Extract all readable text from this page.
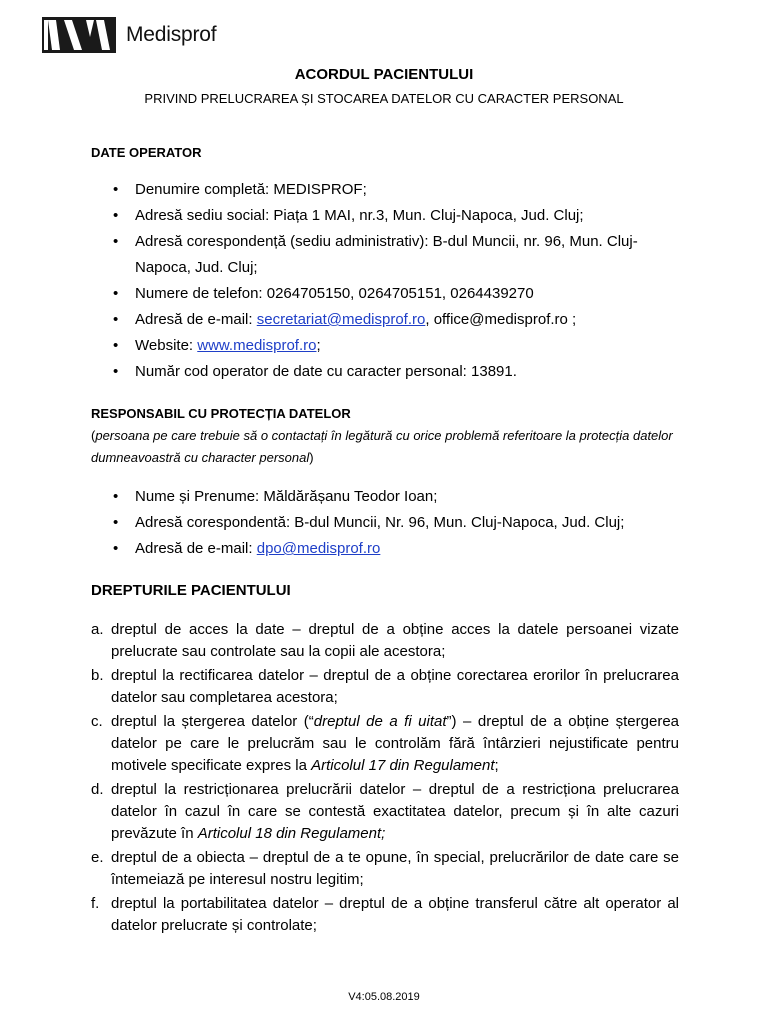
Medisprof
ACORDUL PACIENTULUI
PRIVIND PRELUCRAREA ȘI STOCAREA DATELOR CU CARACTER PERSONAL
DATE OPERATOR
• Denumire completă: MEDISPROF;
• Adresă sediu social: Piața 1 MAI, nr.3, Mun. Cluj-Napoca, Jud. Cluj;
• Adresă corespondență (sediu administrativ): B-dul Muncii, nr. 96, Mun. Cluj-Napoca, Jud. Cluj;
• Numere de telefon: 0264705150, 0264705151, 0264439270
• Adresă de e-mail: secretariat@medisprof.ro, office@medisprof.ro ;
• Website: www.medisprof.ro;
• Număr cod operator de date cu caracter personal: 13891.
RESPONSABIL CU PROTECȚIA DATELOR
(persoana pe care trebuie să o contactați în legătură cu orice problemă referitoare la protecția datelor dumneavoastră cu character personal)
• Nume și Prenume: Măldărășanu Teodor Ioan;
• Adresă corespondentă: B-dul Muncii, Nr. 96, Mun. Cluj-Napoca, Jud. Cluj;
• Adresă de e-mail: dpo@medisprof.ro
DREPTURILE PACIENTULUI
a. dreptul de acces la date – dreptul de a obține acces la datele persoanei vizate prelucrate sau controlate sau la copii ale acestora;
b. dreptul la rectificarea datelor – dreptul de a obține corectarea erorilor în prelucrarea datelor sau completarea acestora;
c. dreptul la ștergerea datelor (“dreptul de a fi uitat”) – dreptul de a obține ștergerea datelor pe care le prelucrăm sau le controlăm fără întârzieri nejustificate pentru motivele specificate expres la Articolul 17 din Regulament;
d. dreptul la restricționarea prelucrării datelor – dreptul de a restricționa prelucrarea datelor în cazul în care se contestă exactitatea datelor, precum și în alte cazuri prevăzute în Articolul 18 din Regulament;
e. dreptul de a obiecta – dreptul de a te opune, în special, prelucrărilor de date care se întemeiază pe interesul nostru legitim;
f. dreptul la portabilitatea datelor – dreptul de a obține transferul către alt operator al datelor prelucrate și controlate;
V4:05.08.2019
